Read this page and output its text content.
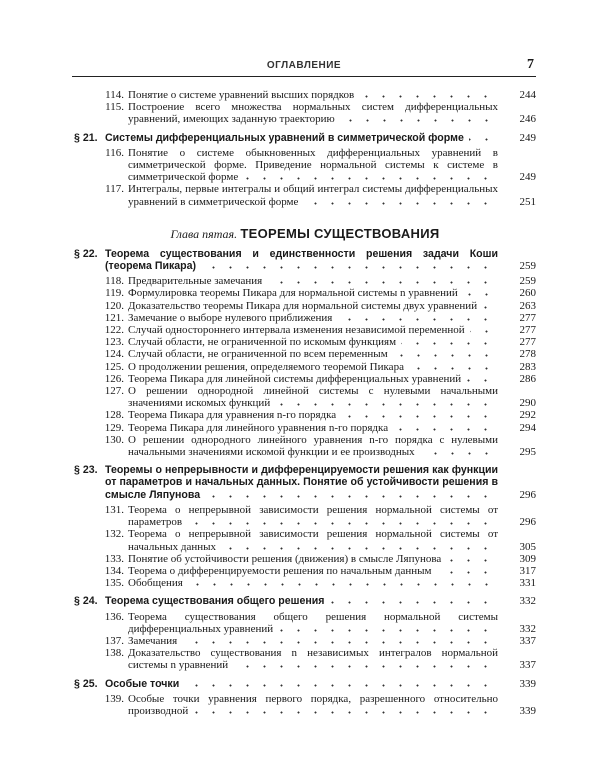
ОГЛАВЛЕНИЕ	7
114. Понятие о системе уравнений высших порядков	244
115. Построение всего множества нормальных систем дифференциальных уравнений, имеющих заданную траекторию	246
§ 21. Системы дифференциальных уравнений в симметрической форме	249
116. Понятие о системе обыкновенных дифференциальных уравнений в симметрической форме. Приведение нормальной системы к системе в симметрической форме	249
117. Интегралы, первые интегралы и общий интеграл системы дифференциальных уравнений в симметрической форме	251
Глава пятая. ТЕОРЕМЫ СУЩЕСТВОВАНИЯ
§ 22. Теорема существования и единственности решения задачи Коши (теорема Пикара)	259
118. Предварительные замечания	259
119. Формулировка теоремы Пикара для нормальной системы n уравнений	260
120. Доказательство теоремы Пикара для нормальной системы двух уравнений	263
121. Замечание о выборе нулевого приближения	277
122. Случай одностороннего интервала изменения независимой переменной	277
123. Случай области, не ограниченной по искомым функциям	277
124. Случай области, не ограниченной по всем переменным	278
125. О продолжении решения, определяемого теоремой Пикара	283
126. Теорема Пикара для линейной системы дифференциальных уравнений	286
127. О решении однородной линейной системы с нулевыми начальными значениями искомых функций	290
128. Теорема Пикара для уравнения n-го порядка	292
129. Теорема Пикара для линейного уравнения n-го порядка	294
130. О решении однородного линейного уравнения n-го порядка с нулевыми начальными значениями искомой функции и ее производных	295
§ 23. Теоремы о непрерывности и дифференцируемости решения как функции от параметров и начальных данных. Понятие об устойчивости решения в смысле Ляпунова	296
131. Теорема о непрерывной зависимости решения нормальной системы от параметров	296
132. Теорема о непрерывной зависимости решения нормальной системы от начальных данных	305
133. Понятие об устойчивости решения (движения) в смысле Ляпунова	309
134. Теорема о дифференцируемости решения по начальным данным	317
135. Обобщения	331
§ 24. Теорема существования общего решения	332
136. Теорема существования общего решения нормальной системы дифференциальных уравнений	332
137. Замечания	337
138. Доказательство существования n независимых интегралов нормальной системы n уравнений	337
§ 25. Особые точки	339
139. Особые точки уравнения первого порядка, разрешенного относительно производной	339
